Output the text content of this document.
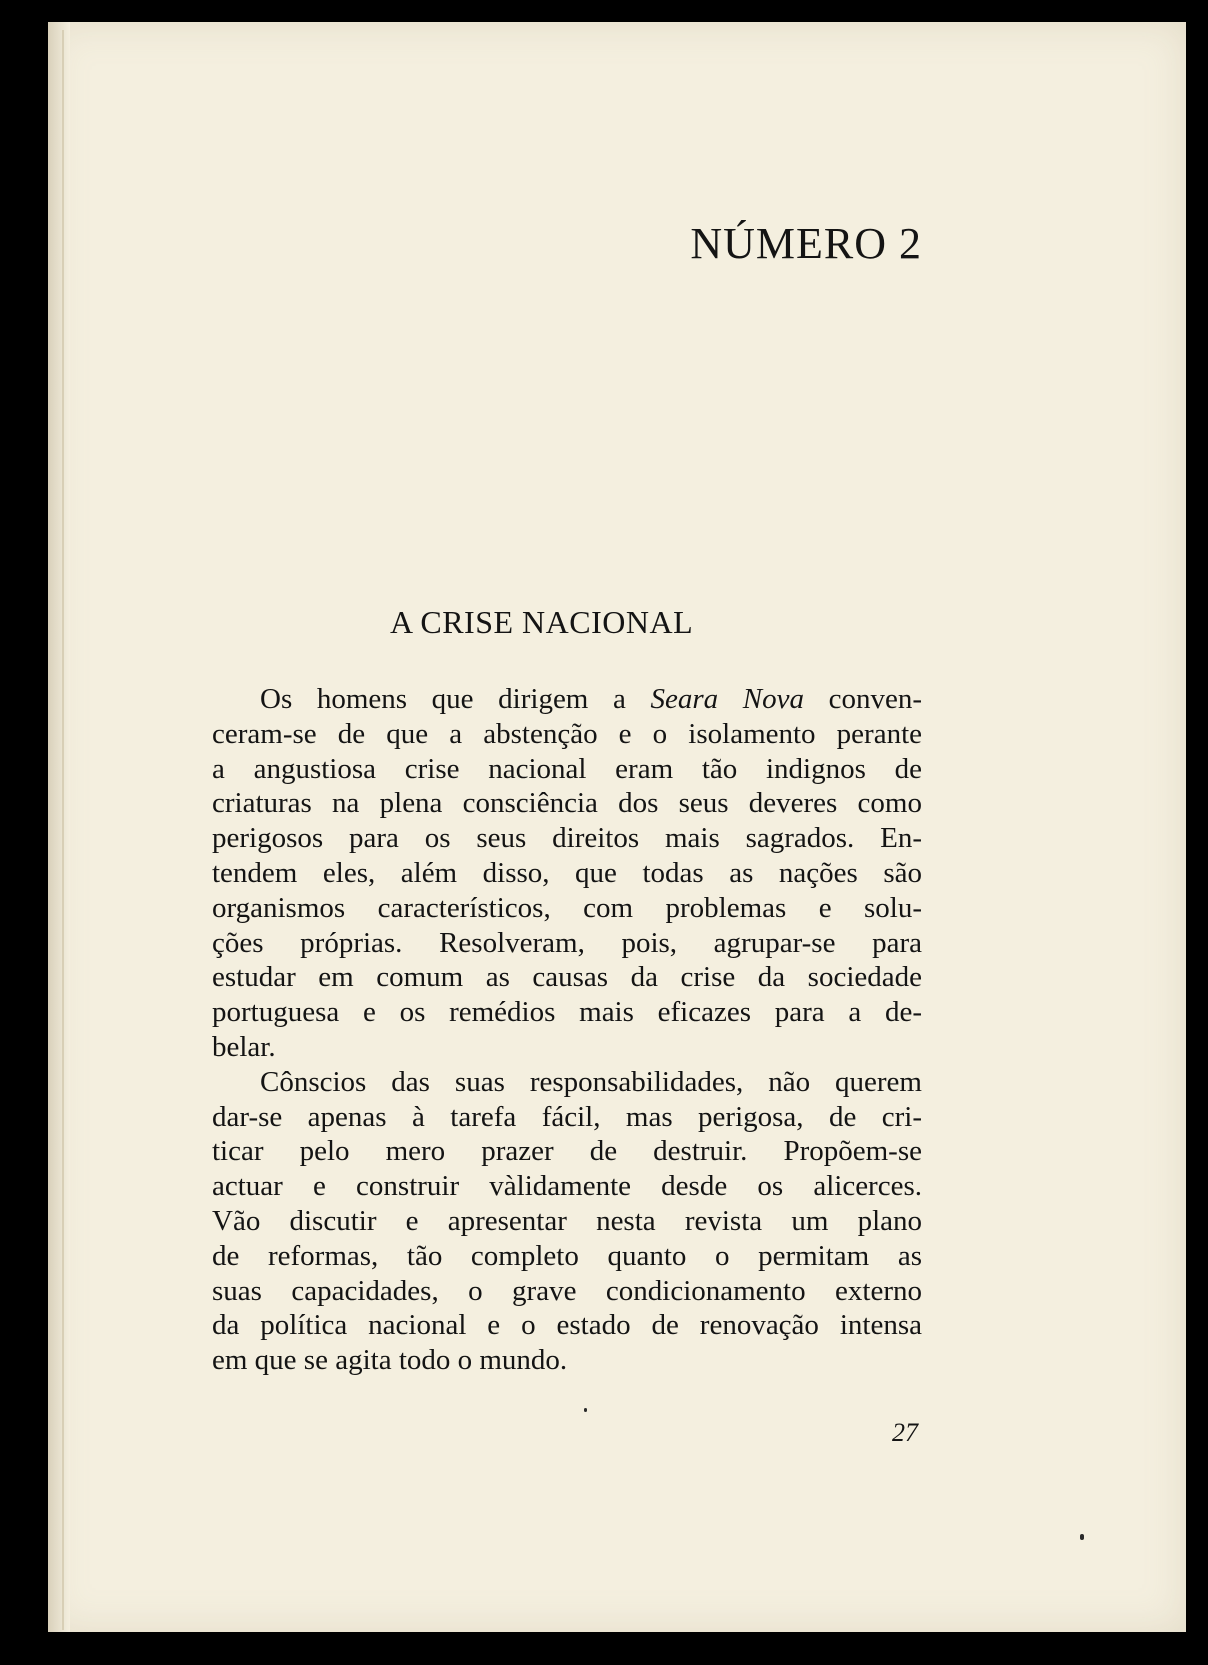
NÚMERO 2
A CRISE NACIONAL
Os homens que dirigem a Seara Nova conven-
ceram-se de que a abstenção e o isolamento perante
a angustiosa crise nacional eram tão indignos de
criaturas na plena consciência dos seus deveres como
perigosos para os seus direitos mais sagrados. En-
tendem eles, além disso, que todas as nações são
organismos característicos, com problemas e solu-
ções próprias. Resolveram, pois, agrupar-se para
estudar em comum as causas da crise da sociedade
portuguesa e os remédios mais eficazes para a de-
belar.
Cônscios das suas responsabilidades, não querem
dar-se apenas à tarefa fácil, mas perigosa, de cri-
ticar pelo mero prazer de destruir. Propõem-se
actuar e construir vàlidamente desde os alicerces.
Vão discutir e apresentar nesta revista um plano
de reformas, tão completo quanto o permitam as
suas capacidades, o grave condicionamento externo
da política nacional e o estado de renovação intensa
em que se agita todo o mundo.
27
